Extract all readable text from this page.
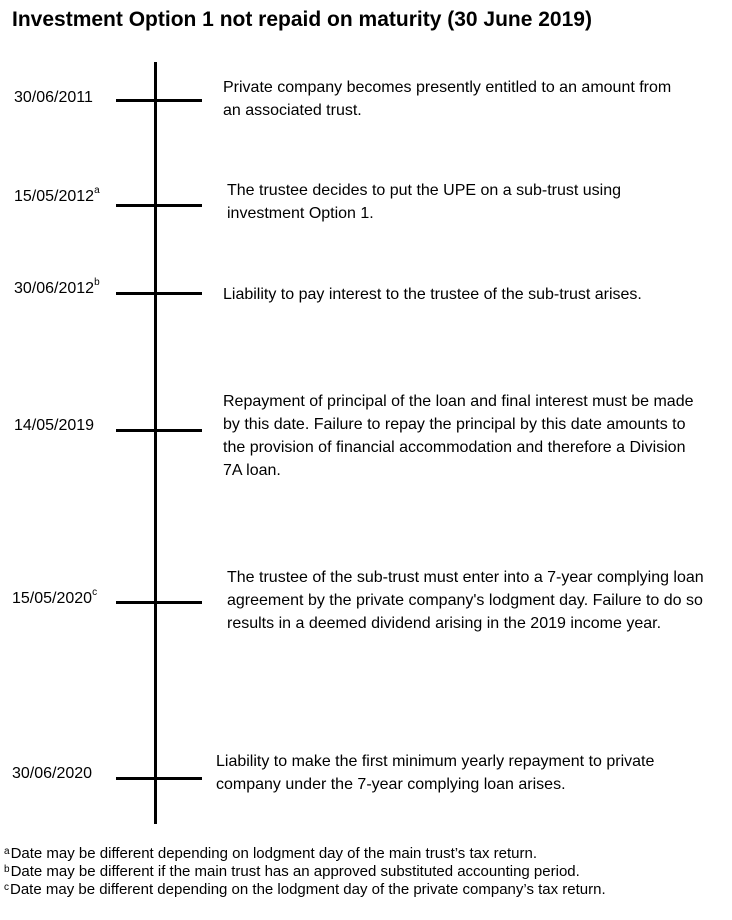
Investment Option 1 not repaid on maturity (30 June 2019)
30/06/2011
Private company becomes presently entitled to an amount from an associated trust.
15/05/2012$^a$	The trustee decides to put the UPE on a sub-trust using investment Option 1.
30/06/2012$^b$
Liability to pay interest to the trustee of the sub-trust arises.
14/05/2019
Repayment of principal of the loan and final interest must be made by this date. Failure to repay the principal by this date amounts to the provision of financial accommodation and therefore a Division 7A loan.
15/05/2020$^c$
The trustee of the sub-trust must enter into a 7-year complying loan agreement by the private company's lodgment day. Failure to do so results in a deemed dividend arising in the 2019 income year.
30/06/2020
Liability to make the first minimum yearly repayment to private company under the 7-year complying loan arises.
$^a$Date may be different depending on lodgment day of the main trust’s tax return.
$^b$Date may be different if the main trust has an approved substituted accounting period.
$^c$Date may be different depending on the lodgment day of the private company’s tax return.
